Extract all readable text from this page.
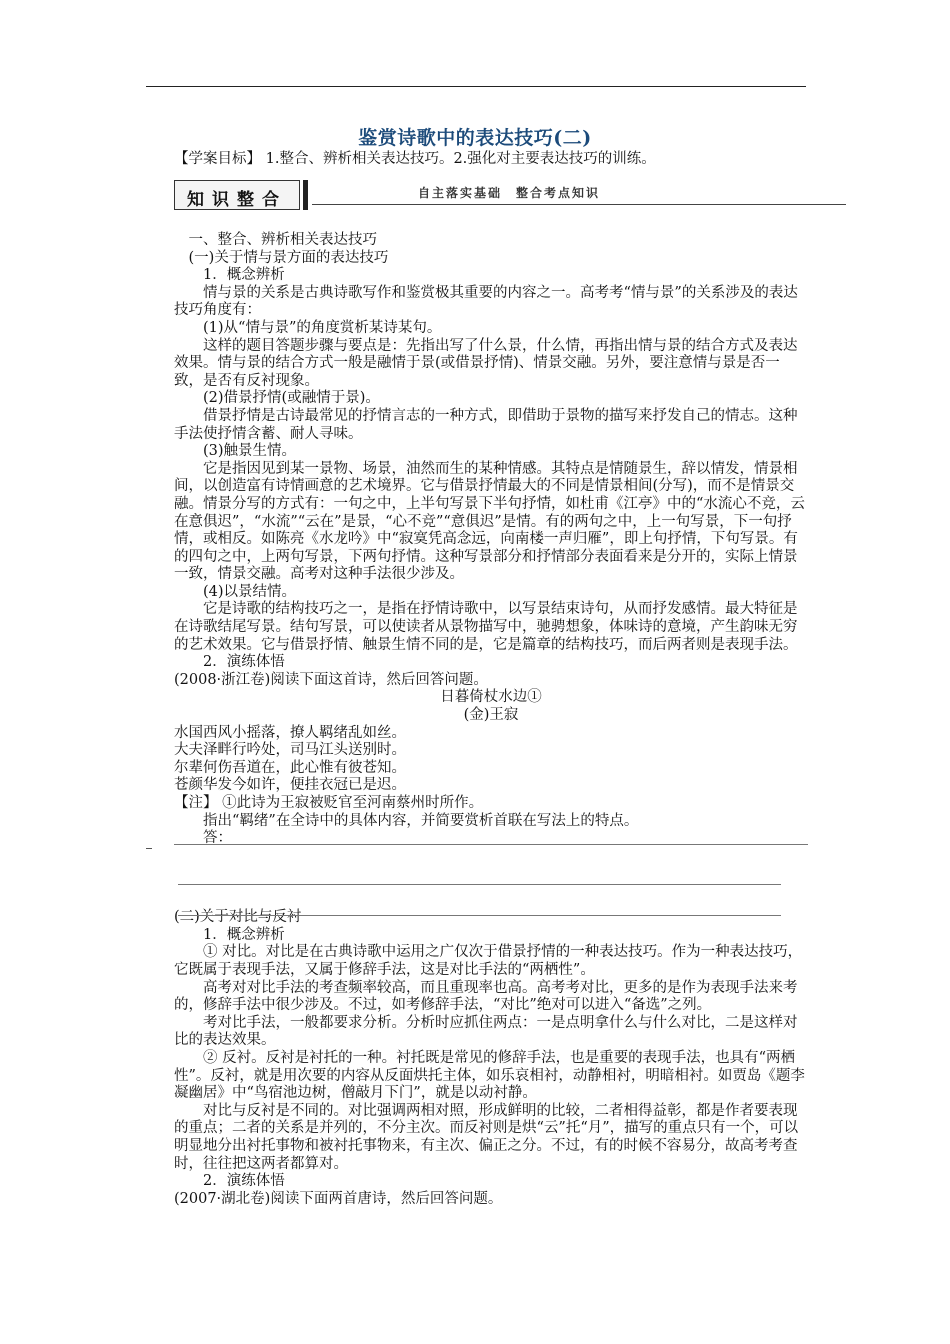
鉴赏诗歌中的表达技巧(二)
【学案目标】 1.整合、辨析相关表达技巧。2.强化对主要表达技巧的训练。
知识整合	自主落实基础　整合考点知识

一、整合、辨析相关表达技巧

(一)关于情与景方面的表达技巧

1．概念辨析

情与景的关系是古典诗歌写作和鉴赏极其重要的内容之一。高考考“情与景”的关系涉及的表达技巧角度有：

(1)从“情与景”的角度赏析某诗某句。

这样的题目答题步骤与要点是：先指出写了什么景，什么情，再指出情与景的结合方式及表达效果。情与景的结合方式一般是融情于景(或借景抒情)、情景交融。另外，要注意情与景是否一致，是否有反衬现象。

(2)借景抒情(或融情于景)。

借景抒情是古诗最常见的抒情言志的一种方式，即借助于景物的描写来抒发自己的情志。这种手法使抒情含蓄、耐人寻味。

(3)触景生情。

它是指因见到某一景物、场景，油然而生的某种情感。其特点是情随景生，辞以情发，情景相间，以创造富有诗情画意的艺术境界。它与借景抒情最大的不同是情景相间(分写)，而不是情景交融。情景分写的方式有：一句之中，上半句写景下半句抒情，如杜甫《江亭》中的“水流心不竞，云在意俱迟”，“水流”“云在”是景，“心不竞”“意俱迟”是情。有的两句之中，上一句写景，下一句抒情，或相反。如陈亮《水龙吟》中“寂寞凭高念远，向南楼一声归雁”，即上句抒情，下句写景。有的四句之中，上两句写景，下两句抒情。这种写景部分和抒情部分表面看来是分开的，实际上情景一致，情景交融。高考对这种手法很少涉及。

(4)以景结情。

它是诗歌的结构技巧之一，是指在抒情诗歌中，以写景结束诗句，从而抒发感情。最大特征是在诗歌结尾写景。结句写景，可以使读者从景物描写中，驰骋想象，体味诗的意境，产生韵味无穷的艺术效果。它与借景抒情、触景生情不同的是，它是篇章的结构技巧，而后两者则是表现手法。

2．演练体悟

(2008·浙江卷)阅读下面这首诗，然后回答问题。

日暮倚杖水边①

(金)王寂

水国西风小摇落，撩人羁绪乱如丝。

大夫泽畔行吟处，司马江头送别时。

尔辈何伤吾道在，此心惟有彼苍知。

苍颜华发今如许，便挂衣冠已是迟。

【注】 ①此诗为王寂被贬官至河南蔡州时所作。

指出“羁绪”在全诗中的具体内容，并简要赏析首联在写法上的特点。

答：

(二)关于对比与反衬

1．概念辨析

① 对比。对比是在古典诗歌中运用之广仅次于借景抒情的一种表达技巧。作为一种表达技巧，它既属于表现手法，又属于修辞手法，这是对比手法的“两栖性”。

高考对对比手法的考查频率较高，而且重现率也高。高考考对比，更多的是作为表现手法来考的，修辞手法中很少涉及。不过，如考修辞手法，“对比”绝对可以进入“备选”之列。

考对比手法，一般都要求分析。分析时应抓住两点：一是点明拿什么与什么对比，二是这样对比的表达效果。

② 反衬。反衬是衬托的一种。衬托既是常见的修辞手法，也是重要的表现手法，也具有“两栖性”。反衬，就是用次要的内容从反面烘托主体，如乐哀相衬，动静相衬，明暗相衬。如贾岛《题李凝幽居》中“鸟宿池边树，僧敲月下门”，就是以动衬静。

对比与反衬是不同的。对比强调两相对照，形成鲜明的比较，二者相得益彰，都是作者要表现的重点；二者的关系是并列的，不分主次。而反衬则是烘“云”托“月”，描写的重点只有一个，可以明显地分出衬托事物和被衬托事物来，有主次、偏正之分。不过，有的时候不容易分，故高考考查时，往往把这两者都算对。

2．演练体悟

(2007·湖北卷)阅读下面两首唐诗，然后回答问题。
